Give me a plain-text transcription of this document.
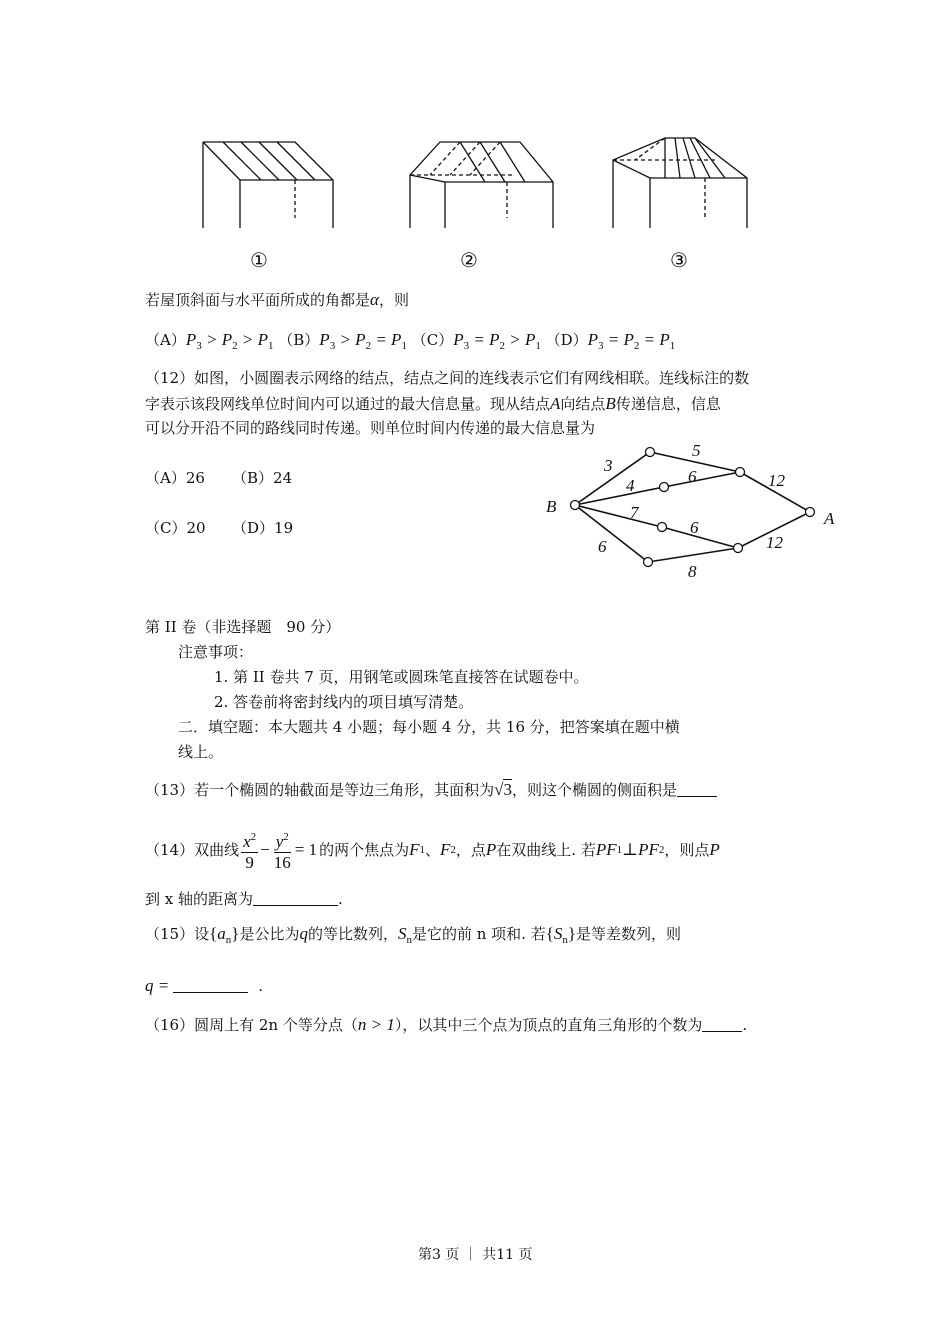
①	②	③
若屋顶斜面与水平面所成的角都是α，则
$(A)P_3 > P_2 > P_1$ $(B)P_3 > P_2 = P_1$ $(C)P_3 = P_2 > P_1$ $(D)P_3 = P_2 = P_1$
（12）如图，小圆圈表示网络的结点，结点之间的连线表示它们有网线相联。连线标注的数
字表示该段网线单位时间内可以通过的最大信息量。现从结点A向结点B传递信息，信息
可以分开沿不同的路线同时传递。则单位时间内传递的最大信息量为
（A）26 （B）24
（C）20 （D）19
B
A
3
5
4	6	12
7
6
12
6
8
第 II 卷（非选择题　90 分）
注意事项：
1. 第 II 卷共 7 页，用钢笔或圆珠笔直接答在试题卷中。
2. 答卷前将密封线内的项目填写清楚。
二．填空题：本大题共 4 小题；每小题 4 分，共 16 分，把答案填在题中横
线上。
（13）若一个椭圆的轴截面是等边三角形，其面积为√3，则这个椭圆的侧面积是
（14）双曲线 $\frac{x^2}{9} - \frac{y^2}{16} = 1$ 的两个焦点为 F 1 、 F 2 ，点 P 在双曲线上. 若 PF 1 ⊥ PF 2 ，则点 P
到 x 轴的距离为	.
（15）设$\{a_n\}$是公比为q的等比数列，$S_n$是它的前 n 项和. 若$\{S_n\}$是等差数列，则
q =	.
（16）圆周上有 2n 个等分点（n > 1），以其中三个点为顶点的直角三角形的个数为	.
第3 页 ｜ 共11 页
